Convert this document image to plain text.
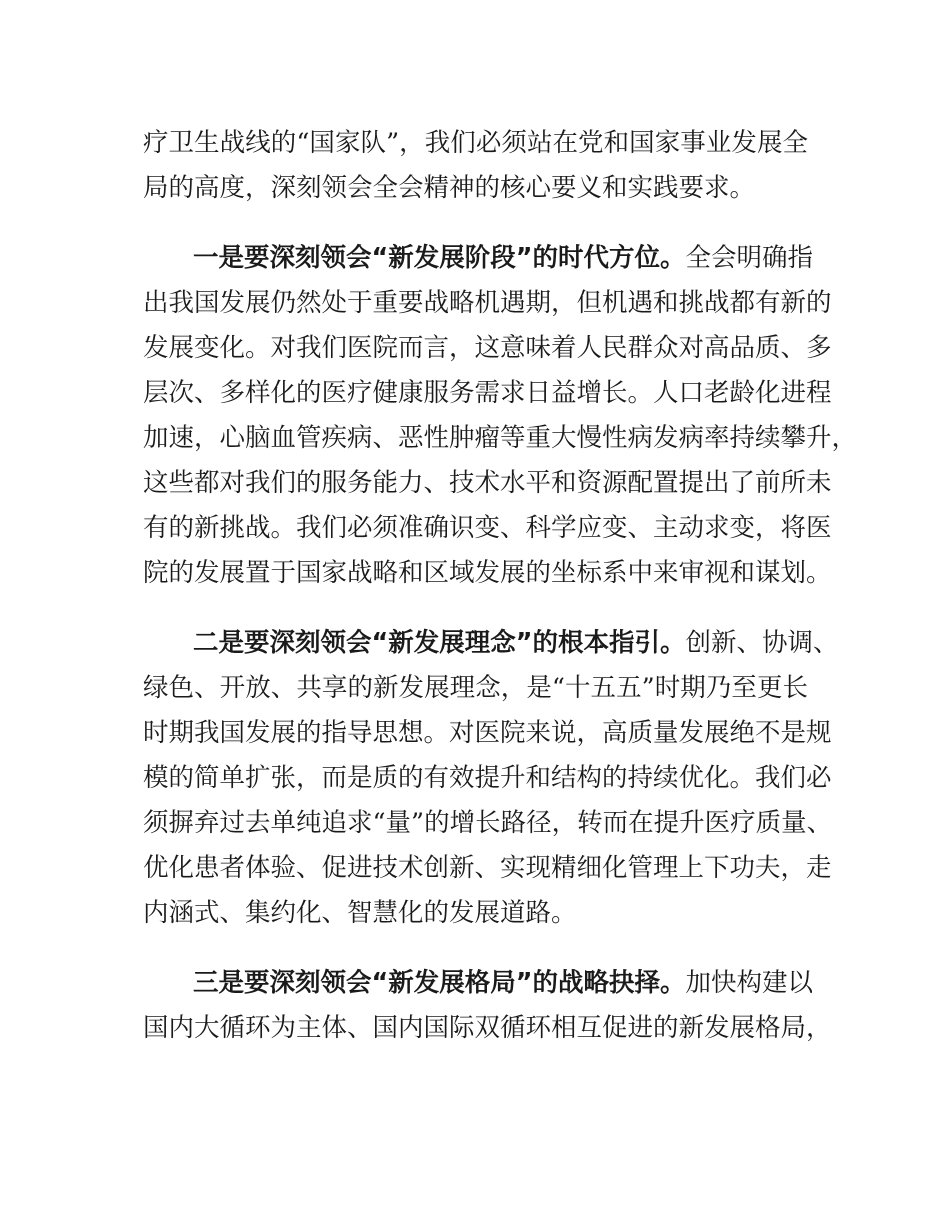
疗卫生战线的“国家队”，我们必须站在党和国家事业发展全
局的高度，深刻领会全会精神的核心要义和实践要求。
一是要深刻领会“新发展阶段”的时代方位。全会明确指
出我国发展仍然处于重要战略机遇期，但机遇和挑战都有新的
发展变化。对我们医院而言，这意味着人民群众对高品质、多
层次、多样化的医疗健康服务需求日益增长。人口老龄化进程
加速，心脑血管疾病、恶性肿瘤等重大慢性病发病率持续攀升，
这些都对我们的服务能力、技术水平和资源配置提出了前所未
有的新挑战。我们必须准确识变、科学应变、主动求变，将医
院的发展置于国家战略和区域发展的坐标系中来审视和谋划。
二是要深刻领会“新发展理念”的根本指引。创新、协调、
绿色、开放、共享的新发展理念，是“十五五”时期乃至更长
时期我国发展的指导思想。对医院来说，高质量发展绝不是规
模的简单扩张，而是质的有效提升和结构的持续优化。我们必
须摒弃过去单纯追求“量”的增长路径，转而在提升医疗质量、
优化患者体验、促进技术创新、实现精细化管理上下功夫，走
内涵式、集约化、智慧化的发展道路。
三是要深刻领会“新发展格局”的战略抉择。加快构建以
国内大循环为主体、国内国际双循环相互促进的新发展格局，
